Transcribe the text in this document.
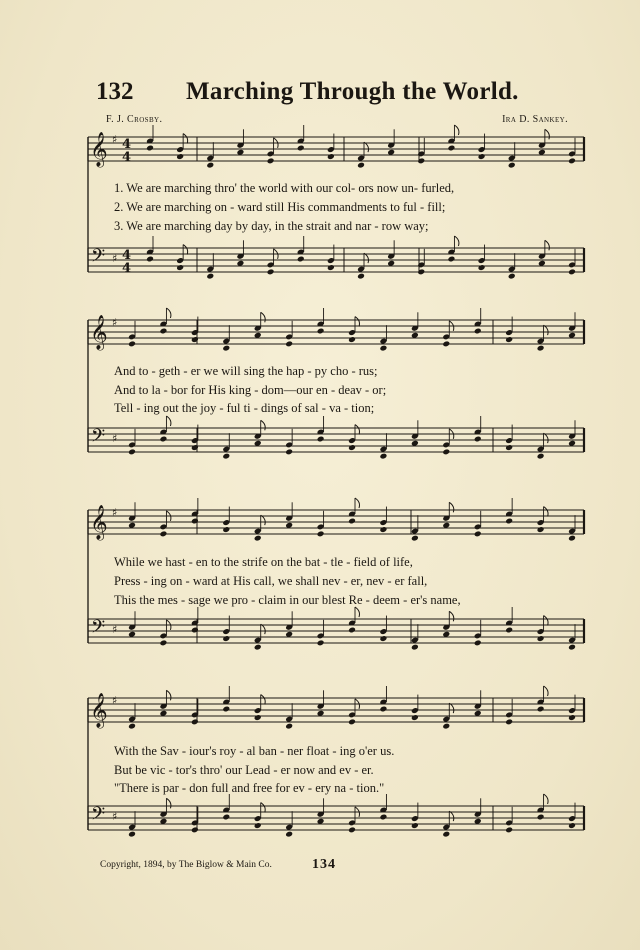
132 Marching Through the World.
F. J. Crosby.	Ira D. Sankey.
𝄞 ♯ 4
4
𝄢 ♯ 4
4
𝄞 ♯
𝄢 ♯
𝄞 ♯
𝄢 ♯
𝄞 ♯
𝄢 ♯
1. We are marching thro' the world with our col- ors now un- furled,
2. We are marching on - ward still His commandments to ful - fill;
3. We are marching day by day, in the strait and nar - row way;
And to - geth - er we will sing the hap - py cho - rus;
And to la - bor for His king - dom—our en - deav - or;
Tell - ing out the joy - ful ti - dings of sal - va - tion;
While we hast - en to the strife on the bat - tle - field of life,
Press - ing on - ward at His call, we shall nev - er, nev - er fall,
This the mes - sage we pro - claim in our blest Re - deem - er's name,
With the Sav - iour's roy - al ban - ner float - ing o'er us.
But be vic - tor's thro' our Lead - er now and ev - er.
"There is par - don full and free for ev - ery na - tion."
Copyright, 1894, by The Biglow & Main Co.	134
